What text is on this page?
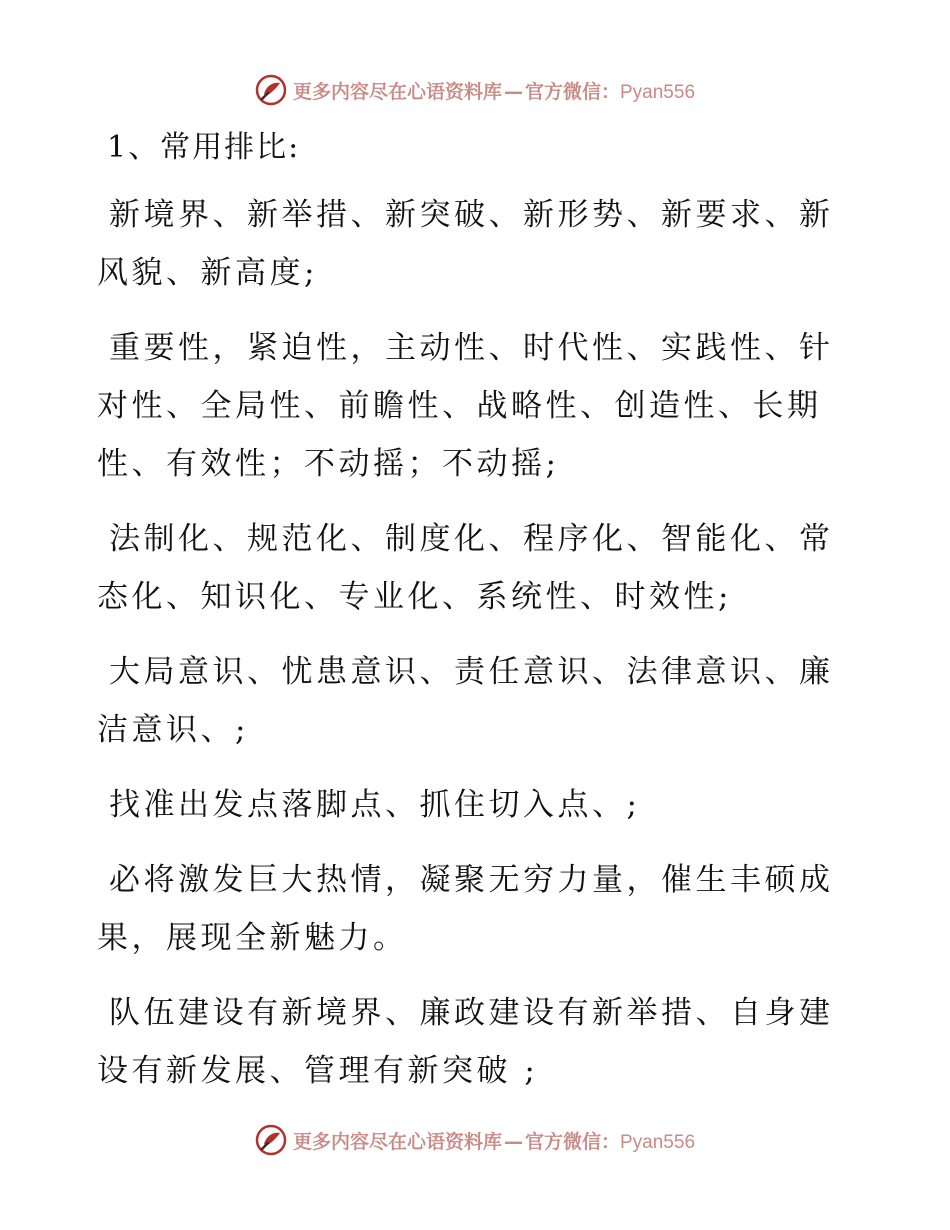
更多内容尽在心语资料库 — 官方微信：Pyan556
1、常用排比:

新境界、新举措、新突破、新形势、新要求、新风貌、新高度;

重要性，紧迫性，主动性、时代性、实践性、针对性、全局性、前瞻性、战略性、创造性、长期性、有效性；不动摇；不动摇;

法制化、规范化、制度化、程序化、智能化、常态化、知识化、专业化、系统性、时效性;

大局意识、忧患意识、责任意识、法律意识、廉洁意识、;

找准出发点落脚点、抓住切入点、;

必将激发巨大热情，凝聚无穷力量，催生丰硕成果，展现全新魅力。

队伍建设有新境界、廉政建设有新举措、自身建设有新发展、管理有新突破 ;

更多内容尽在心语资料库 — 官方微信：Pyan556
